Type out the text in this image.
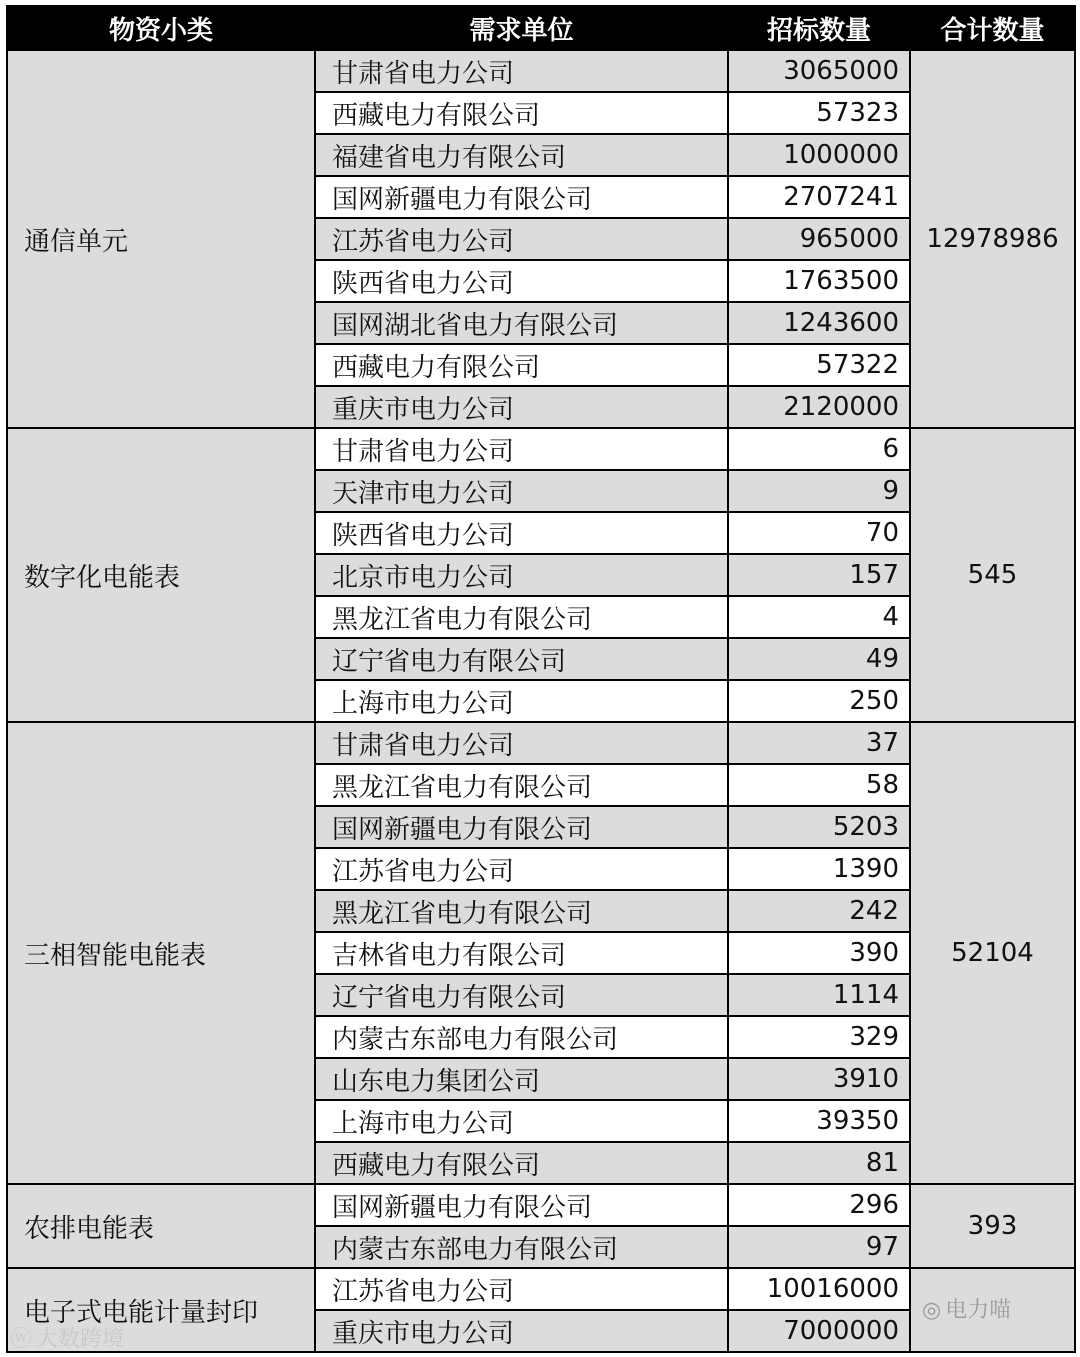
物资小类	需求单位	招标数量	合计数量
通信单元	甘肃省电力公司	3065000	12978986
	西藏电力有限公司	57323	
	福建省电力有限公司	1000000	
	国网新疆电力有限公司	2707241	
	江苏省电力公司	965000	
	陕西省电力公司	1763500	
	国网湖北省电力有限公司	1243600	
	西藏电力有限公司	57322	
	重庆市电力公司	2120000	
数字化电能表	甘肃省电力公司	6	545
	天津市电力公司	9	
	陕西省电力公司	70	
	北京市电力公司	157	
	黑龙江省电力有限公司	4	
	辽宁省电力有限公司	49	
	上海市电力公司	250	
三相智能电能表	甘肃省电力公司	37	52104
	黑龙江省电力有限公司	58	
	国网新疆电力有限公司	5203	
	江苏省电力公司	1390	
	黑龙江省电力有限公司	242	
	吉林省电力有限公司	390	
	辽宁省电力有限公司	1114	
	内蒙古东部电力有限公司	329	
	山东电力集团公司	3910	
	上海市电力公司	39350	
	西藏电力有限公司	81	
农排电能表	国网新疆电力有限公司	296	393
	内蒙古东部电力有限公司	97	
电子式电能计量封印	江苏省电力公司	10016000	
	重庆市电力公司	7000000	
ⓦ 大数跨境
◎ 电力喵
